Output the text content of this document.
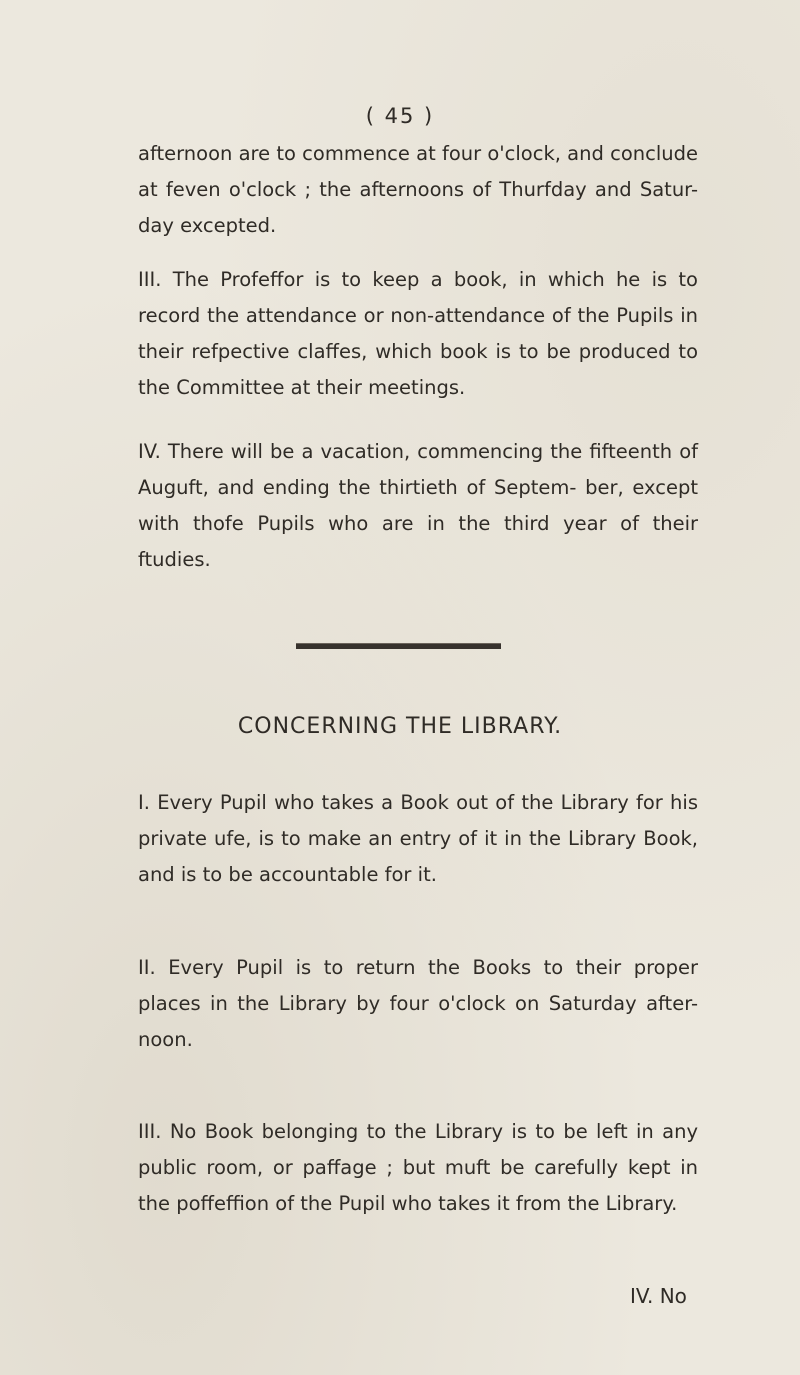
( 45 )

afternoon are to commence at four o'clock, and conclude at feven o'clock ; the afternoons of Thurfday and Satur- day excepted.

III. The Profeffor is to keep a book, in which he is to record the attendance or non-attendance of the Pupils in their refpective claffes, which book is to be produced to the Committee at their meetings.

IV. There will be a vacation, commencing the fifteenth of Auguft, and ending the thirtieth of Septem- ber, except with thofe Pupils who are in the third year of their ftudies.

CONCERNING THE LIBRARY.

I. Every Pupil who takes a Book out of the Library for his private ufe, is to make an entry of it in the Library Book, and is to be accountable for it.

II. Every Pupil is to return the Books to their proper places in the Library by four o'clock on Saturday after- noon.

III. No Book belonging to the Library is to be left in any public room, or paffage ; but muft be carefully kept in the poffeffion of the Pupil who takes it from the Library.

IV. No
